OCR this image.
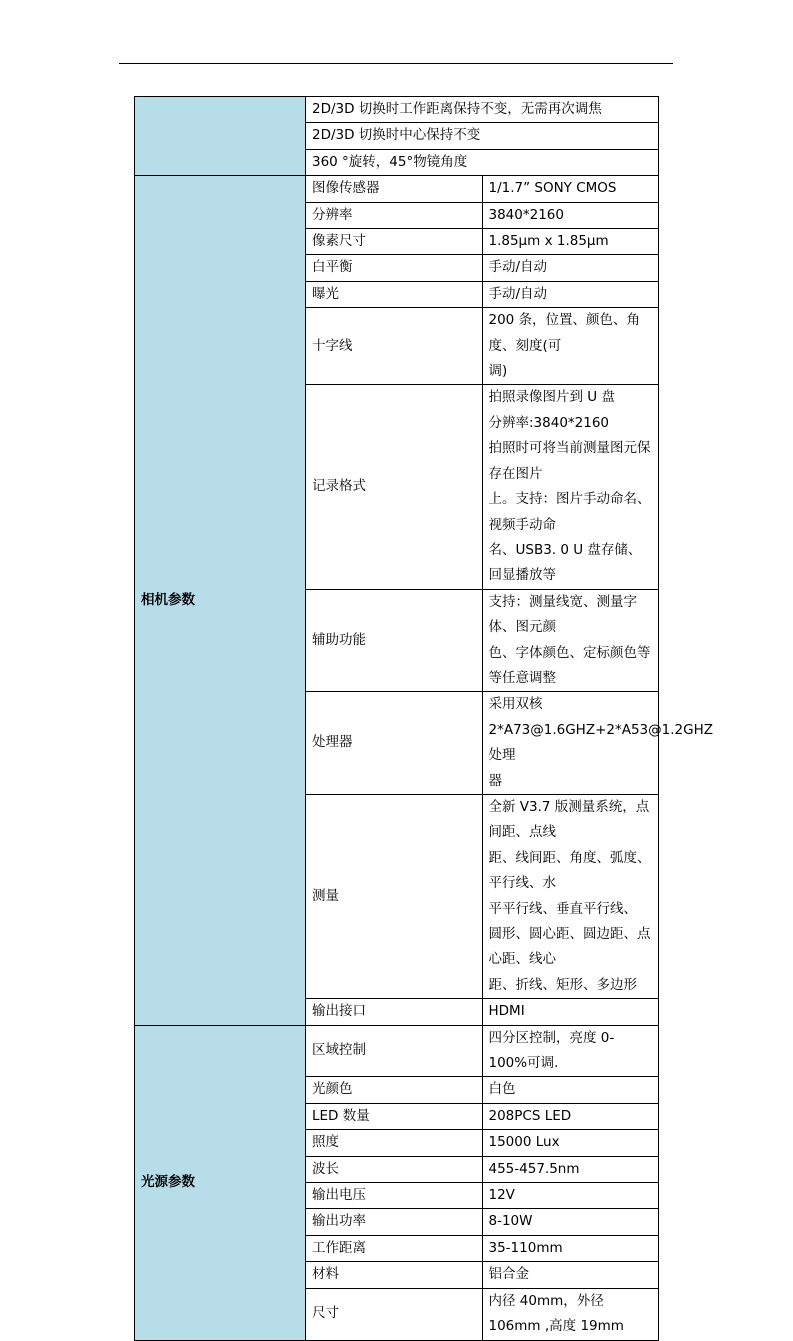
	2D/3D 切换时工作距离保持不变，无需再次调焦	
	2D/3D 切换时中心保持不变	
	360 °旋转，45°物镜角度	
相机参数	图像传感器	1/1.7” SONY CMOS

	分辨率	3840*2160

	像素尺寸	1.85μm x 1.85μm

	白平衡	手动/自动

	曝光	手动/自动

	十字线	200 条，位置、颜色、角度、刻度(可
调)

	记录格式	拍照录像图片到 U 盘
分辨率:3840*2160
拍照时可将当前测量图元保存在图片
上。支持：图片手动命名、视频手动命
名、USB3. 0 U 盘存储、回显播放等

	辅助功能	支持：测量线宽、测量字体、图元颜
色、字体颜色、定标颜色等等任意调整

	处理器	采用双核
2*A73@1.6GHZ+2*A53@1.2GHZ 处理
器

	测量	全新 V3.7 版测量系统，点间距、点线
距、线间距、角度、弧度、平行线、水
平平行线、垂直平行线、
圆形、圆心距、圆边距、点心距、线心
距、折线、矩形、多边形

	输出接口	HDMI

光源参数	区域控制	四分区控制，亮度 0-100%可调.

	光颜色	白色

	LED 数量	208PCS LED

	照度	15000 Lux

	波长	455-457.5nm

	输出电压	12V

	输出功率	8-10W

	工作距离	35-110mm

	材料	铝合金

	尺寸	内径 40mm，外径 106mm ,高度 19mm
